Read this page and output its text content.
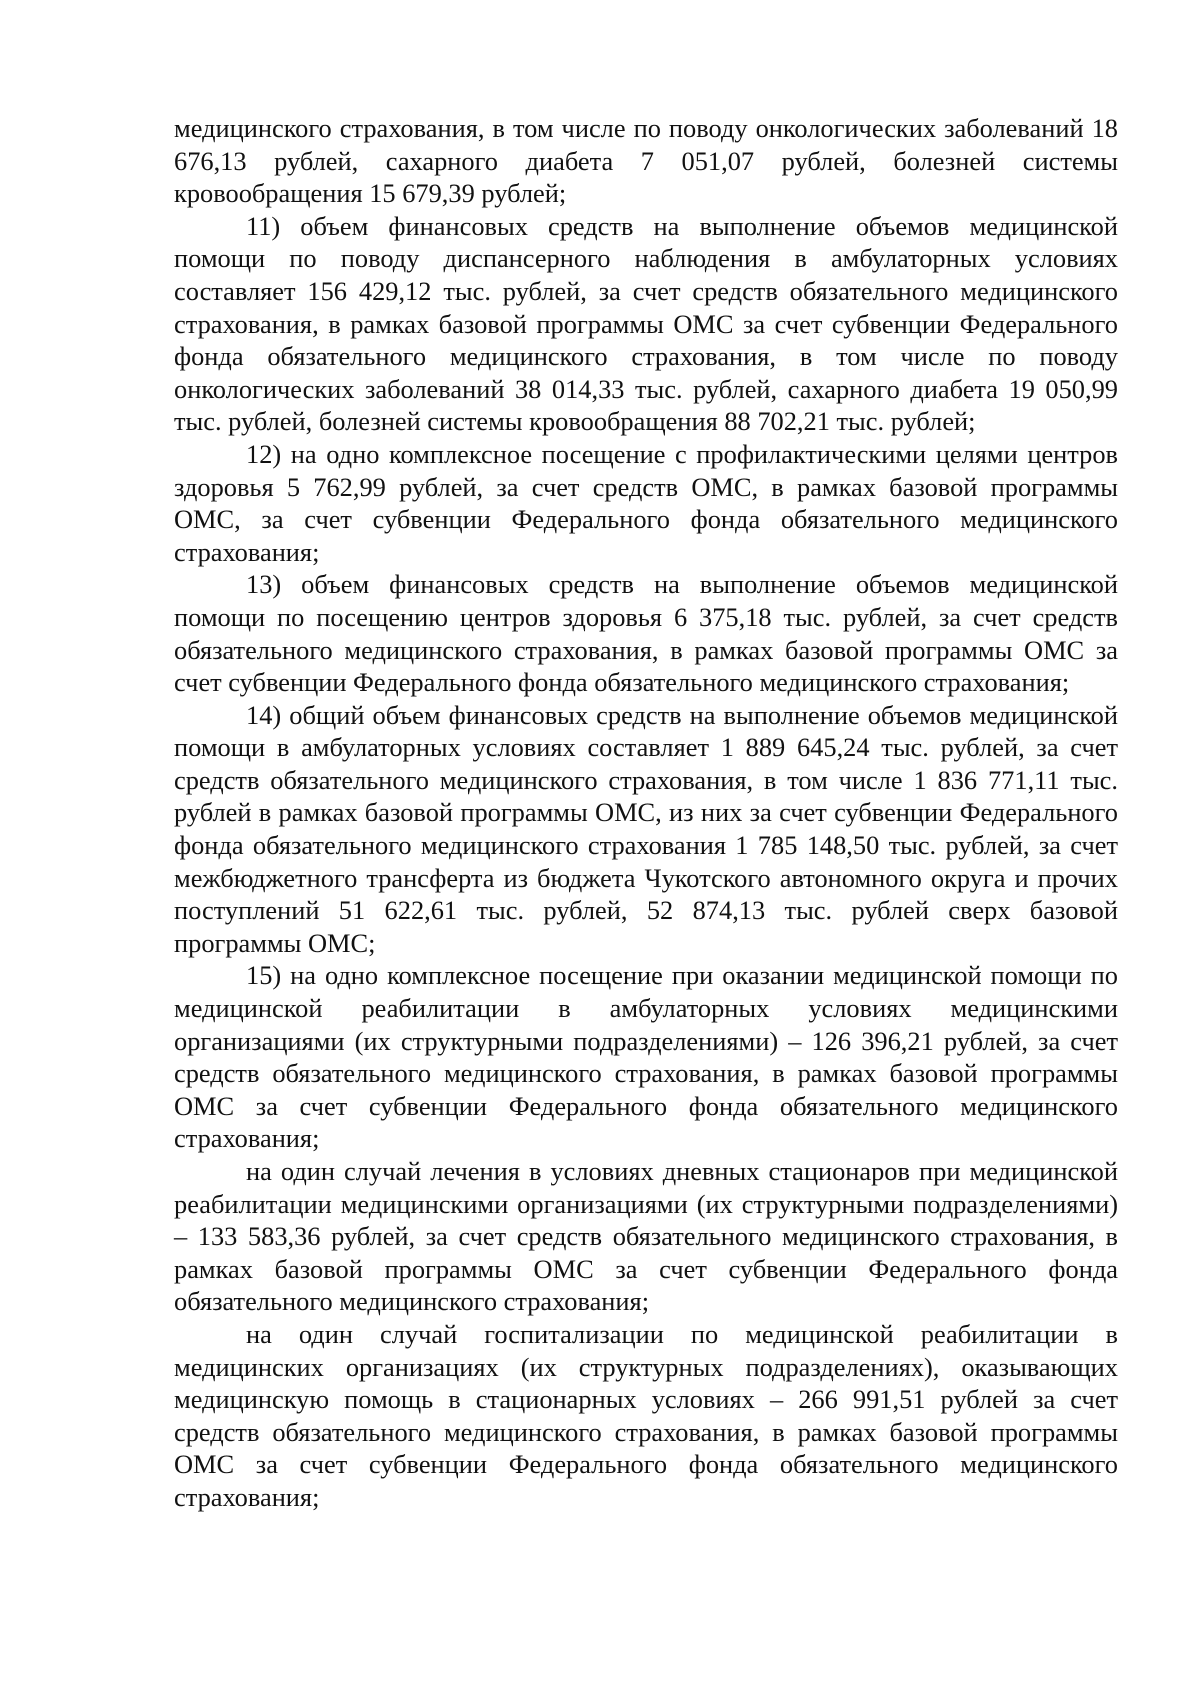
медицинского страхования, в том числе по поводу онкологических заболеваний 18 676,13 рублей, сахарного диабета 7 051,07 рублей, болезней системы кровообращения 15 679,39 рублей;

11) объем финансовых средств на выполнение объемов медицинской помощи по поводу диспансерного наблюдения в амбулаторных условиях составляет 156 429,12 тыс. рублей, за счет средств обязательного медицинского страхования, в рамках базовой программы ОМС за счет субвенции Федерального фонда обязательного медицинского страхования, в том числе по поводу онкологических заболеваний 38 014,33 тыс. рублей, сахарного диабета 19 050,99 тыс. рублей, болезней системы кровообращения 88 702,21 тыс. рублей;

12) на одно комплексное посещение с профилактическими целями центров здоровья 5 762,99 рублей, за счет средств ОМС, в рамках базовой программы ОМС, за счет субвенции Федерального фонда обязательного медицинского страхования;

13) объем финансовых средств на выполнение объемов медицинской помощи по посещению центров здоровья 6 375,18 тыс. рублей, за счет средств обязательного медицинского страхования, в рамках базовой программы ОМС за счет субвенции Федерального фонда обязательного медицинского страхования;

14) общий объем финансовых средств на выполнение объемов медицинской помощи в амбулаторных условиях составляет 1 889 645,24 тыс. рублей, за счет средств обязательного медицинского страхования, в том числе 1 836 771,11 тыс. рублей в рамках базовой программы ОМС, из них за счет субвенции Федерального фонда обязательного медицинского страхования 1 785 148,50 тыс. рублей, за счет межбюджетного трансферта из бюджета Чукотского автономного округа и прочих поступлений 51 622,61 тыс. рублей, 52 874,13 тыс. рублей сверх базовой программы ОМС;

15) на одно комплексное посещение при оказании медицинской помощи по медицинской реабилитации в амбулаторных условиях медицинскими организациями (их структурными подразделениями) – 126 396,21 рублей, за счет средств обязательного медицинского страхования, в рамках базовой программы ОМС за счет субвенции Федерального фонда обязательного медицинского страхования;

на один случай лечения в условиях дневных стационаров при медицинской реабилитации медицинскими организациями (их структурными подразделениями) – 133 583,36 рублей, за счет средств обязательного медицинского страхования, в рамках базовой программы ОМС за счет субвенции Федерального фонда обязательного медицинского страхования;

на один случай госпитализации по медицинской реабилитации в медицинских организациях (их структурных подразделениях), оказывающих медицинскую помощь в стационарных условиях – 266 991,51 рублей за счет средств обязательного медицинского страхования, в рамках базовой программы ОМС за счет субвенции Федерального фонда обязательного медицинского страхования;
